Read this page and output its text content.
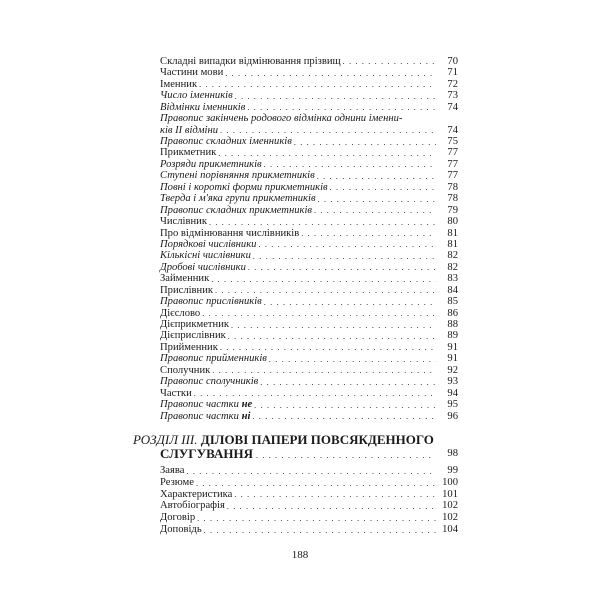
Складні випадки відмінювання прізвищ . . .	70
Частини мови . . .	71
Іменник . . .	72
Число іменників . . .	73
Відмінки іменників . . .	74
Правопис закінчень родового відмінка однини іменни-
ків II відміни . . .	74
Правопис складних іменників . . .	75
Прикметник . . .	77
Розряди прикметників . . .	77
Ступені порівняння прикметників . . .	77
Повні і короткі форми прикметників . . .	78
Тверда і м'яка групи прикметників . . .	78
Правопис складних прикметників . . .	79
Числівник . . .	80
Про відмінювання числівників . . .	81
Порядкові числівники . . .	81
Кількісні числівники . . .	82
Дробові числівники . . .	82
Займенник . . .	83
Прислівник . . .	84
Правопис прислівників . . .	85
Дієслово . . .	86
Дієприкметник . . .	88
Дієприслівник . . .	89
Прийменник . . .	91
Правопис прийменників . . .	91
Сполучник . . .	92
Правопис сполучників . . .	93
Частки . . .	94
Правопис частки не . . .	95
Правопис частки ні . . .	96
РОЗДІЛ III. ДІЛОВІ ПАПЕРИ ПОВСЯКДЕННОГО
СЛУГУВАННЯ . . .	98
Заява . . .	99
Резюме . . .	100
Характеристика . . .	101
Автобіографія . . .	102
Договір . . .	102
Доповідь . . .	104
188
